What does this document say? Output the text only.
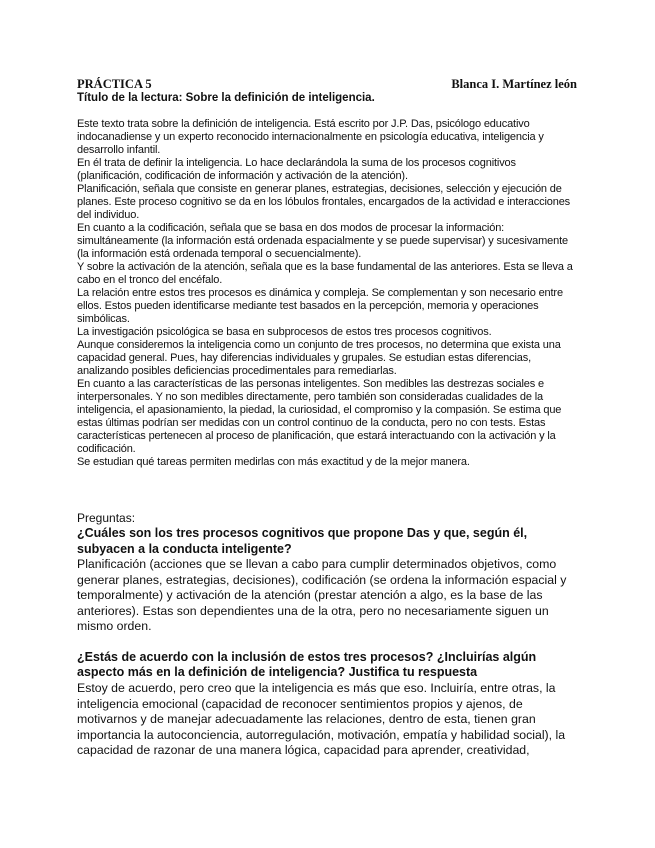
PRÁCTICA 5	Blanca I. Martínez león
Título de la lectura: Sobre la definición de inteligencia.

Este texto trata sobre la definición de inteligencia. Está escrito por J.P. Das, psicólogo educativo indocanadiense y un experto reconocido internacionalmente en psicología educativa, inteligencia y desarrollo infantil.

En él trata de definir la inteligencia. Lo hace declarándola la suma de los procesos cognitivos (planificación, codificación de información y activación de la atención).

Planificación, señala que consiste en generar planes, estrategias, decisiones, selección y ejecución de planes. Este proceso cognitivo se da en los lóbulos frontales, encargados de la actividad e interacciones del individuo.

En cuanto a la codificación, señala que se basa en dos modos de procesar la información: simultáneamente (la información está ordenada espacialmente y se puede supervisar) y sucesivamente (la información está ordenada temporal o secuencialmente).

Y sobre la activación de la atención, señala que es la base fundamental de las anteriores. Esta se lleva a cabo en el tronco del encéfalo.

La relación entre estos tres procesos es dinámica y compleja. Se complementan y son necesario entre ellos. Estos pueden identificarse mediante test basados en la percepción, memoria y operaciones simbólicas.

La investigación psicológica se basa en subprocesos de estos tres procesos cognitivos.

Aunque consideremos la inteligencia como un conjunto de tres procesos, no determina que exista una capacidad general. Pues, hay diferencias individuales y grupales. Se estudian estas diferencias, analizando posibles deficiencias procedimentales para remediarlas.

En cuanto a las características de las personas inteligentes. Son medibles las destrezas sociales e interpersonales. Y no son medibles directamente, pero también son consideradas cualidades de la inteligencia, el apasionamiento, la piedad, la curiosidad, el compromiso y la compasión. Se estima que estas últimas podrían ser medidas con un control continuo de la conducta, pero no con tests. Estas características pertenecen al proceso de planificación, que estará interactuando con la activación y la codificación.

Se estudian qué tareas permiten medirlas con más exactitud y de la mejor manera.

Preguntas:

¿Cuáles son los tres procesos cognitivos que propone Das y que, según él, subyacen a la conducta inteligente?

Planificación (acciones que se llevan a cabo para cumplir determinados objetivos, como generar planes, estrategias, decisiones), codificación (se ordena la información espacial y temporalmente) y activación de la atención (prestar atención a algo, es la base de las anteriores). Estas son dependientes una de la otra, pero no necesariamente siguen un mismo orden.

¿Estás de acuerdo con la inclusión de estos tres procesos? ¿Incluirías algún aspecto más en la definición de inteligencia? Justifica tu respuesta

Estoy de acuerdo, pero creo que la inteligencia es más que eso. Incluiría, entre otras, la inteligencia emocional (capacidad de reconocer sentimientos propios y ajenos, de motivarnos y de manejar adecuadamente las relaciones, dentro de esta, tienen gran importancia la autoconciencia, autorregulación, motivación, empatía y habilidad social), la capacidad de razonar de una manera lógica, capacidad para aprender, creatividad,
